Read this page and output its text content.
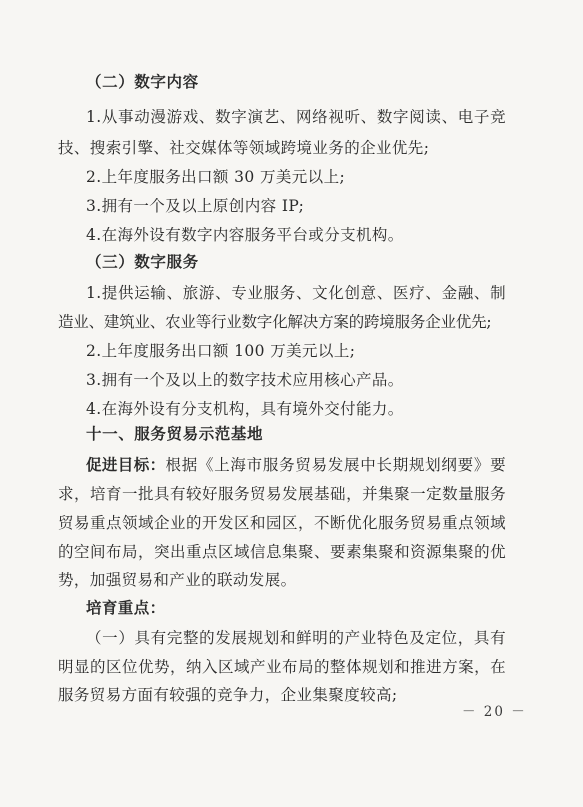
（二）数字内容
1.从事动漫游戏、数字演艺、网络视听、数字阅读、电子竞
技、搜索引擎、社交媒体等领域跨境业务的企业优先;
2.上年度服务出口额 30 万美元以上;
3.拥有一个及以上原创内容 IP;
4.在海外设有数字内容服务平台或分支机构。
（三）数字服务
1.提供运输、旅游、专业服务、文化创意、医疗、金融、制
造业、建筑业、农业等行业数字化解决方案的跨境服务企业优先;
2.上年度服务出口额 100 万美元以上;
3.拥有一个及以上的数字技术应用核心产品。
4.在海外设有分支机构，具有境外交付能力。
十一、服务贸易示范基地
促进目标： 根据《上海市服务贸易发展中长期规划纲要》要
求，培育一批具有较好服务贸易发展基础，并集聚一定数量服务
贸易重点领域企业的开发区和园区，不断优化服务贸易重点领域
的空间布局，突出重点区域信息集聚、要素集聚和资源集聚的优
势，加强贸易和产业的联动发展。
培育重点：
（一）具有完整的发展规划和鲜明的产业特色及定位，具有
明显的区位优势，纳入区域产业布局的整体规划和推进方案，在
服务贸易方面有较强的竞争力，企业集聚度较高;
－ 20 －
